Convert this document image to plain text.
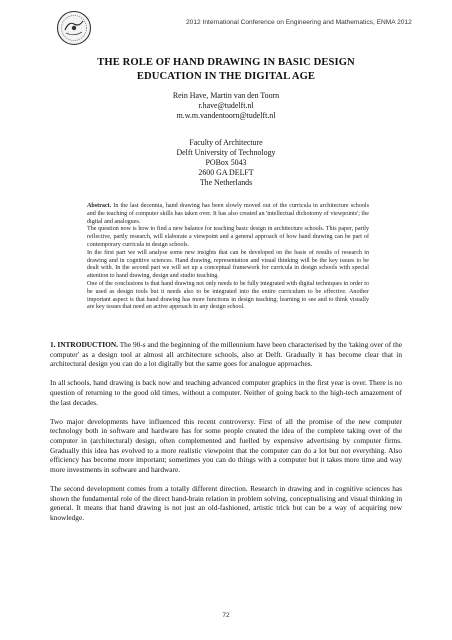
2012 International Conference on Engineering and Mathematics, ENMA 2012
THE ROLE OF HAND DRAWING IN BASIC DESIGN
EDUCATION IN THE DIGITAL AGE
Rein Have, Martin van den Toorn
r.have@tudelft.nl
m.w.m.vandentoorn@tudelft.nl
Faculty of Architecture
Delft University of Technology
POBox 5043
2600 GA DELFT
The Netherlands

Abstract. In the last decennia, hand drawing has been slowly moved out of the curricula in architecture schools and the teaching of computer skills has taken over. It has also created an 'intellectual dichotomy of viewpoints'; the digital and analogues.

The question now is how to find a new balance for teaching basic design in architecture schools. This paper, partly reflective, partly research, will elaborate a viewpoint and a general approach of how hand drawing can be part of contemporary curricula in design schools.

In the first part we will analyse some new insights that can be developed on the basis of results of research in drawing and in cognitive sciences. Hand drawing, representation and visual thinking will be the key issues to be dealt with. In the second part we will set up a conceptual framework for curricula in design schools with special attention to hand drawing, design and studio teaching.

One of the conclusions is that hand drawing not only needs to be fully integrated with digital techniques in order to be used as design tools but it needs also to be integrated into the entire curriculum to be effective. Another important aspect is that hand drawing has more functions in design teaching; learning to see and to think visually are key issues that need an active approach in any design school.

1. INTRODUCTION. The 90-s and the beginning of the millennium have been characterised by the 'taking over of the computer' as a design tool at almost all architecture schools, also at Delft. Gradually it has become clear that in architectural design you can do a lot digitally but the same goes for analogue approaches.

In all schools, hand drawing is back now and teaching advanced computer graphics in the first year is over. There is no question of returning to the good old times, without a computer. Neither of going back to the high-tech amazement of the last decades.

Two major developments have influenced this recent controversy. First of all the promise of the new computer technology both in software and hardware has for some people created the idea of the complete taking over of the computer in (architectural) design, often complemented and fuelled by expensive advertising by computer firms. Gradually this idea has evolved to a more realistic viewpoint that the computer can do a lot but not everything. Also efficiency has become more important; sometimes you can do things with a computer but it takes more time and way more investments in software and hardware.

The second development comes from a totally different direction. Research in drawing and in cognitive sciences has shown the fundamental role of the direct hand-brain relation in problem solving, conceptualising and visual thinking in general. It means that hand drawing is not just an old-fashioned, artistic trick but can be a way of acquiring new knowledge.

72
